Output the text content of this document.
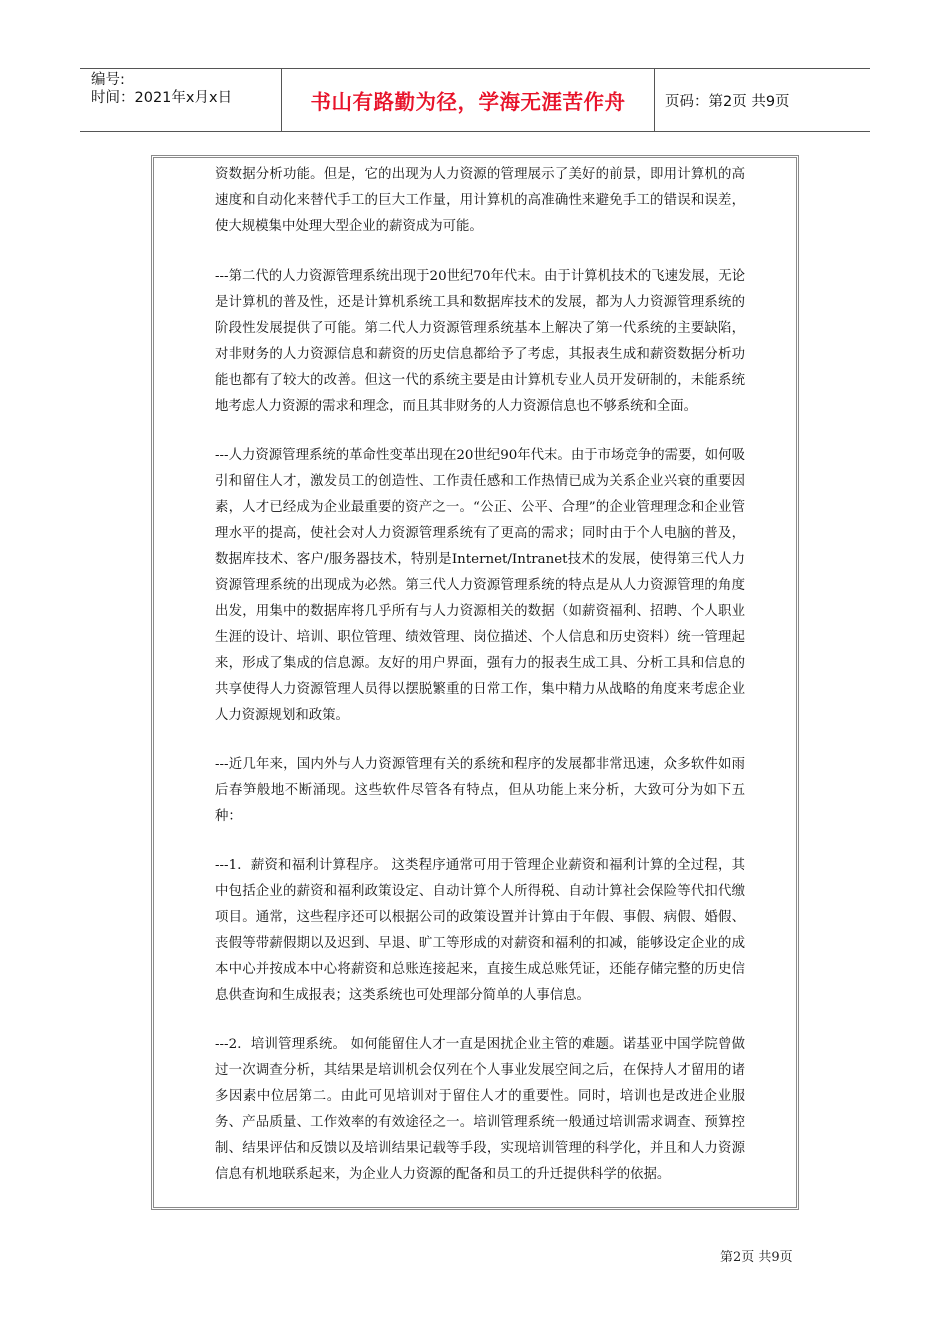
编号:
时间：2021年x月x日	书山有路勤为径，学海无涯苦作舟	页码：第2页 共9页

资数据分析功能。但是，它的出现为人力资源的管理展示了美好的前景，即用计算机的高速度和自动化来替代手工的巨大工作量，用计算机的高准确性来避免手工的错误和误差，使大规模集中处理大型企业的薪资成为可能。

---第二代的人力资源管理系统出现于20世纪70年代末。由于计算机技术的飞速发展，无论是计算机的普及性，还是计算机系统工具和数据库技术的发展，都为人力资源管理系统的阶段性发展提供了可能。第二代人力资源管理系统基本上解决了第一代系统的主要缺陷，对非财务的人力资源信息和薪资的历史信息都给予了考虑，其报表生成和薪资数据分析功能也都有了较大的改善。但这一代的系统主要是由计算机专业人员开发研制的，未能系统地考虑人力资源的需求和理念，而且其非财务的人力资源信息也不够系统和全面。

---人力资源管理系统的革命性变革出现在20世纪90年代末。由于市场竞争的需要，如何吸引和留住人才，激发员工的创造性、工作责任感和工作热情已成为关系企业兴衰的重要因素，人才已经成为企业最重要的资产之一。“公正、公平、合理”的企业管理理念和企业管理水平的提高，使社会对人力资源管理系统有了更高的需求；同时由于个人电脑的普及，数据库技术、客户/服务器技术，特别是Internet/Intranet技术的发展，使得第三代人力资源管理系统的出现成为必然。第三代人力资源管理系统的特点是从人力资源管理的角度出发，用集中的数据库将几乎所有与人力资源相关的数据（如薪资福利、招聘、个人职业生涯的设计、培训、职位管理、绩效管理、岗位描述、个人信息和历史资料）统一管理起来，形成了集成的信息源。友好的用户界面，强有力的报表生成工具、分析工具和信息的共享使得人力资源管理人员得以摆脱繁重的日常工作，集中精力从战略的角度来考虑企业人力资源规划和政策。

---近几年来，国内外与人力资源管理有关的系统和程序的发展都非常迅速，众多软件如雨后春笋般地不断涌现。这些软件尽管各有特点，但从功能上来分析，大致可分为如下五种：

---1．薪资和福利计算程序。 这类程序通常可用于管理企业薪资和福利计算的全过程，其中包括企业的薪资和福利政策设定、自动计算个人所得税、自动计算社会保险等代扣代缴项目。通常，这些程序还可以根据公司的政策设置并计算由于年假、事假、病假、婚假、丧假等带薪假期以及迟到、早退、旷工等形成的对薪资和福利的扣减，能够设定企业的成本中心并按成本中心将薪资和总账连接起来，直接生成总账凭证，还能存储完整的历史信息供查询和生成报表；这类系统也可处理部分简单的人事信息。

---2．培训管理系统。 如何能留住人才一直是困扰企业主管的难题。诺基亚中国学院曾做过一次调查分析，其结果是培训机会仅列在个人事业发展空间之后，在保持人才留用的诸多因素中位居第二。由此可见培训对于留住人才的重要性。同时，培训也是改进企业服务、产品质量、工作效率的有效途径之一。培训管理系统一般通过培训需求调查、预算控制、结果评估和反馈以及培训结果记载等手段，实现培训管理的科学化，并且和人力资源信息有机地联系起来，为企业人力资源的配备和员工的升迁提供科学的依据。

第2页 共9页
